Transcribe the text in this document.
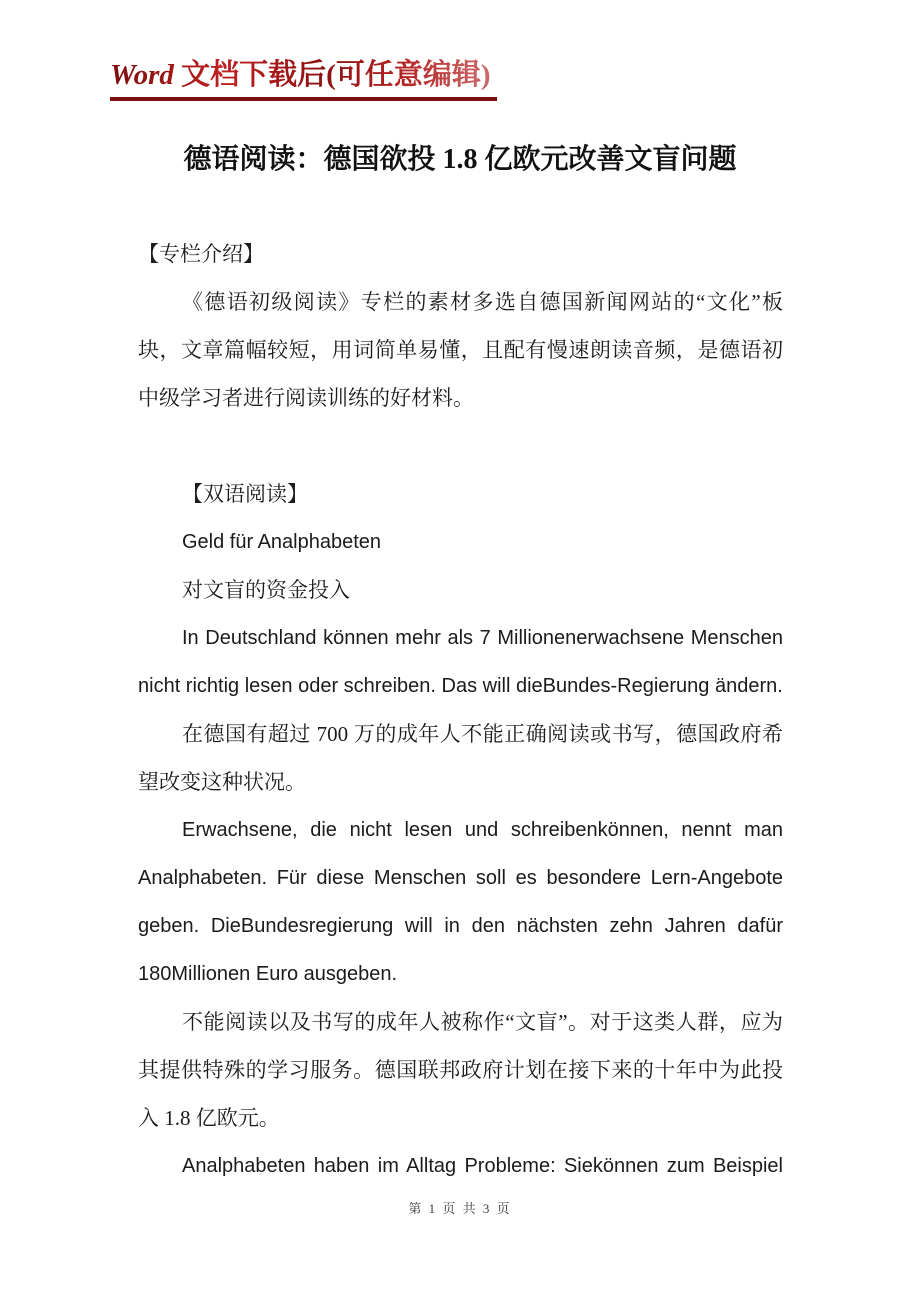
Word 文档下载后(可任意编辑)
德语阅读：德国欲投 1.8 亿欧元改善文盲问题

【专栏介绍】

《德语初级阅读》专栏的素材多选自德国新闻网站的“文化”板块，文章篇幅较短，用词简单易懂，且配有慢速朗读音频，是德语初中级学习者进行阅读训练的好材料。

【双语阅读】

Geld für Analphabeten

对文盲的资金投入

In Deutschland können mehr als 7 Millionenerwachsene Menschen nicht richtig lesen oder schreiben. Das will dieBundes-Regierung ändern.

在德国有超过 700 万的成年人不能正确阅读或书写，德国政府希望改变这种状况。

Erwachsene, die nicht lesen und schreibenkönnen, nennt man Analphabeten. Für diese Menschen soll es besondere Lern-Angebote geben. DieBundesregierung will in den nächsten zehn Jahren dafür 180Millionen Euro ausgeben.

不能阅读以及书写的成年人被称作“文盲”。对于这类人群，应为其提供特殊的学习服务。德国联邦政府计划在接下来的十年中为此投入 1.8 亿欧元。

Analphabeten haben im Alltag Probleme: Siekönnen zum Beispiel

第 1 页 共 3 页
